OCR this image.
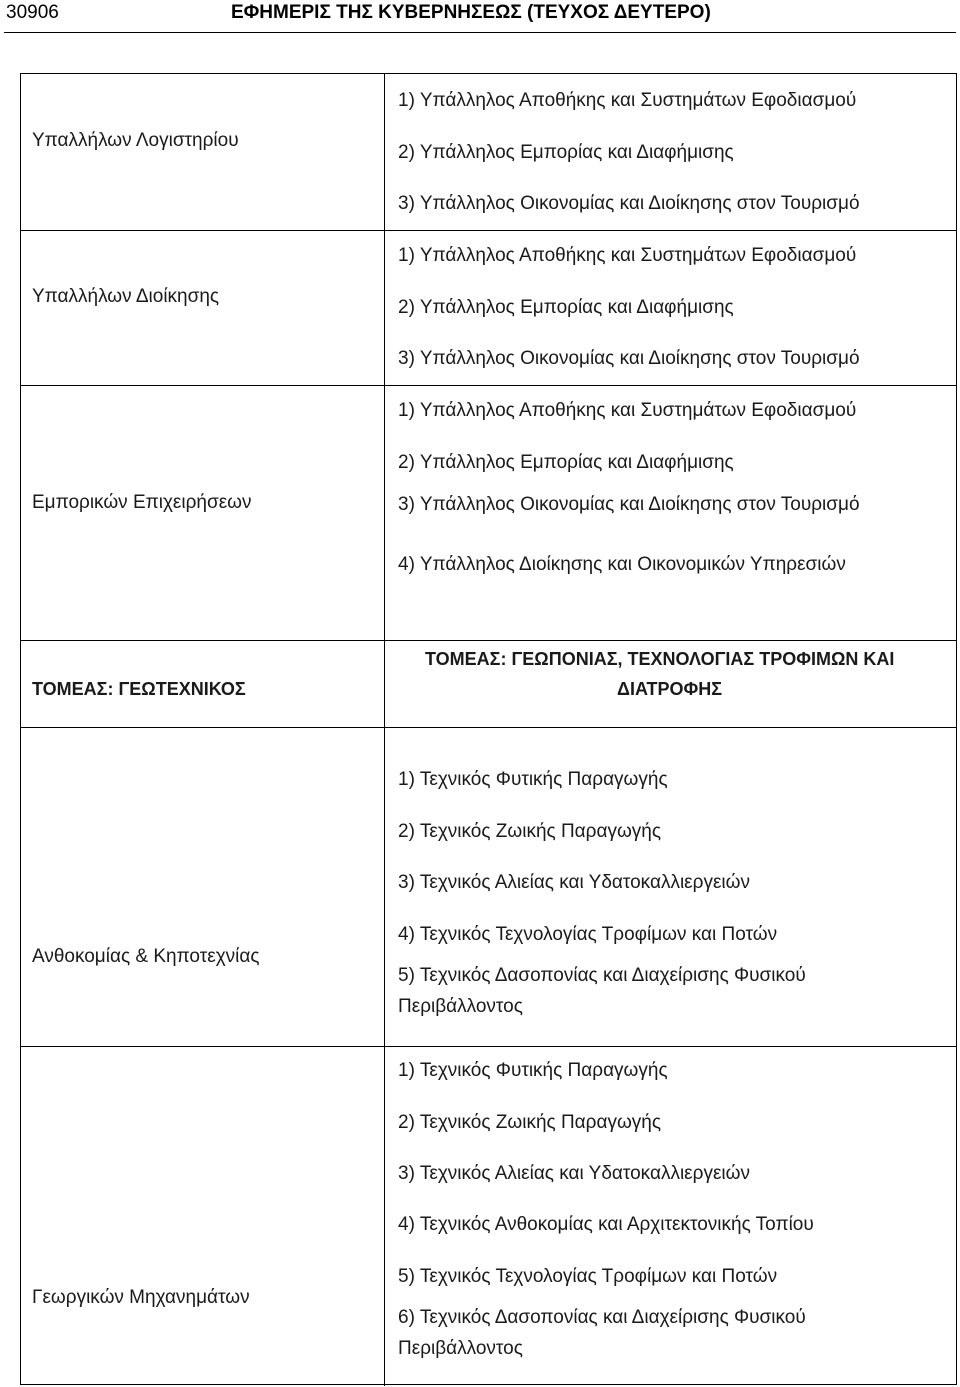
30906	ΕΦΗΜΕΡΙΣ ΤΗΣ ΚΥΒΕΡΝΗΣΕΩΣ (ΤΕΥΧΟΣ ΔΕΥΤΕΡΟ)
Υπαλλήλων Λογιστηρίου
1) Υπάλληλος Αποθήκης και Συστημάτων Εφοδιασμού
2) Υπάλληλος Εμπορίας και Διαφήμισης
3) Υπάλληλος Οικονομίας και Διοίκησης στον Τουρισμό
Υπαλλήλων Διοίκησης
1) Υπάλληλος Αποθήκης και Συστημάτων Εφοδιασμού
2) Υπάλληλος Εμπορίας και Διαφήμισης
3) Υπάλληλος Οικονομίας και Διοίκησης στον Τουρισμό
Εμπορικών Επιχειρήσεων
1) Υπάλληλος Αποθήκης και Συστημάτων Εφοδιασμού
2) Υπάλληλος Εμπορίας και Διαφήμισης
3) Υπάλληλος Οικονομίας και Διοίκησης στον Τουρισμό
4) Υπάλληλος Διοίκησης και Οικονομικών Υπηρεσιών
ΤΟΜΕΑΣ: ΓΕΩΤΕΧΝΙΚΟΣ
ΤΟΜΕΑΣ: ΓΕΩΠΟΝΙΑΣ, ΤΕΧΝΟΛΟΓΙΑΣ ΤΡΟΦΙΜΩΝ ΚΑΙ
ΔΙΑΤΡΟΦΗΣ
Ανθοκομίας & Κηποτεχνίας
1) Τεχνικός Φυτικής Παραγωγής
2) Τεχνικός Ζωικής Παραγωγής
3) Τεχνικός Αλιείας και Υδατοκαλλιεργειών
4) Τεχνικός Τεχνολογίας Τροφίμων και Ποτών
5) Τεχνικός Δασοπονίας και Διαχείρισης Φυσικού
Περιβάλλοντος
Γεωργικών Μηχανημάτων
1) Τεχνικός Φυτικής Παραγωγής
2) Τεχνικός Ζωικής Παραγωγής
3) Τεχνικός Αλιείας και Υδατοκαλλιεργειών
4) Τεχνικός Ανθοκομίας και Αρχιτεκτονικής Τοπίου
5) Τεχνικός Τεχνολογίας Τροφίμων και Ποτών
6) Τεχνικός Δασοπονίας και Διαχείρισης Φυσικού
Περιβάλλοντος
